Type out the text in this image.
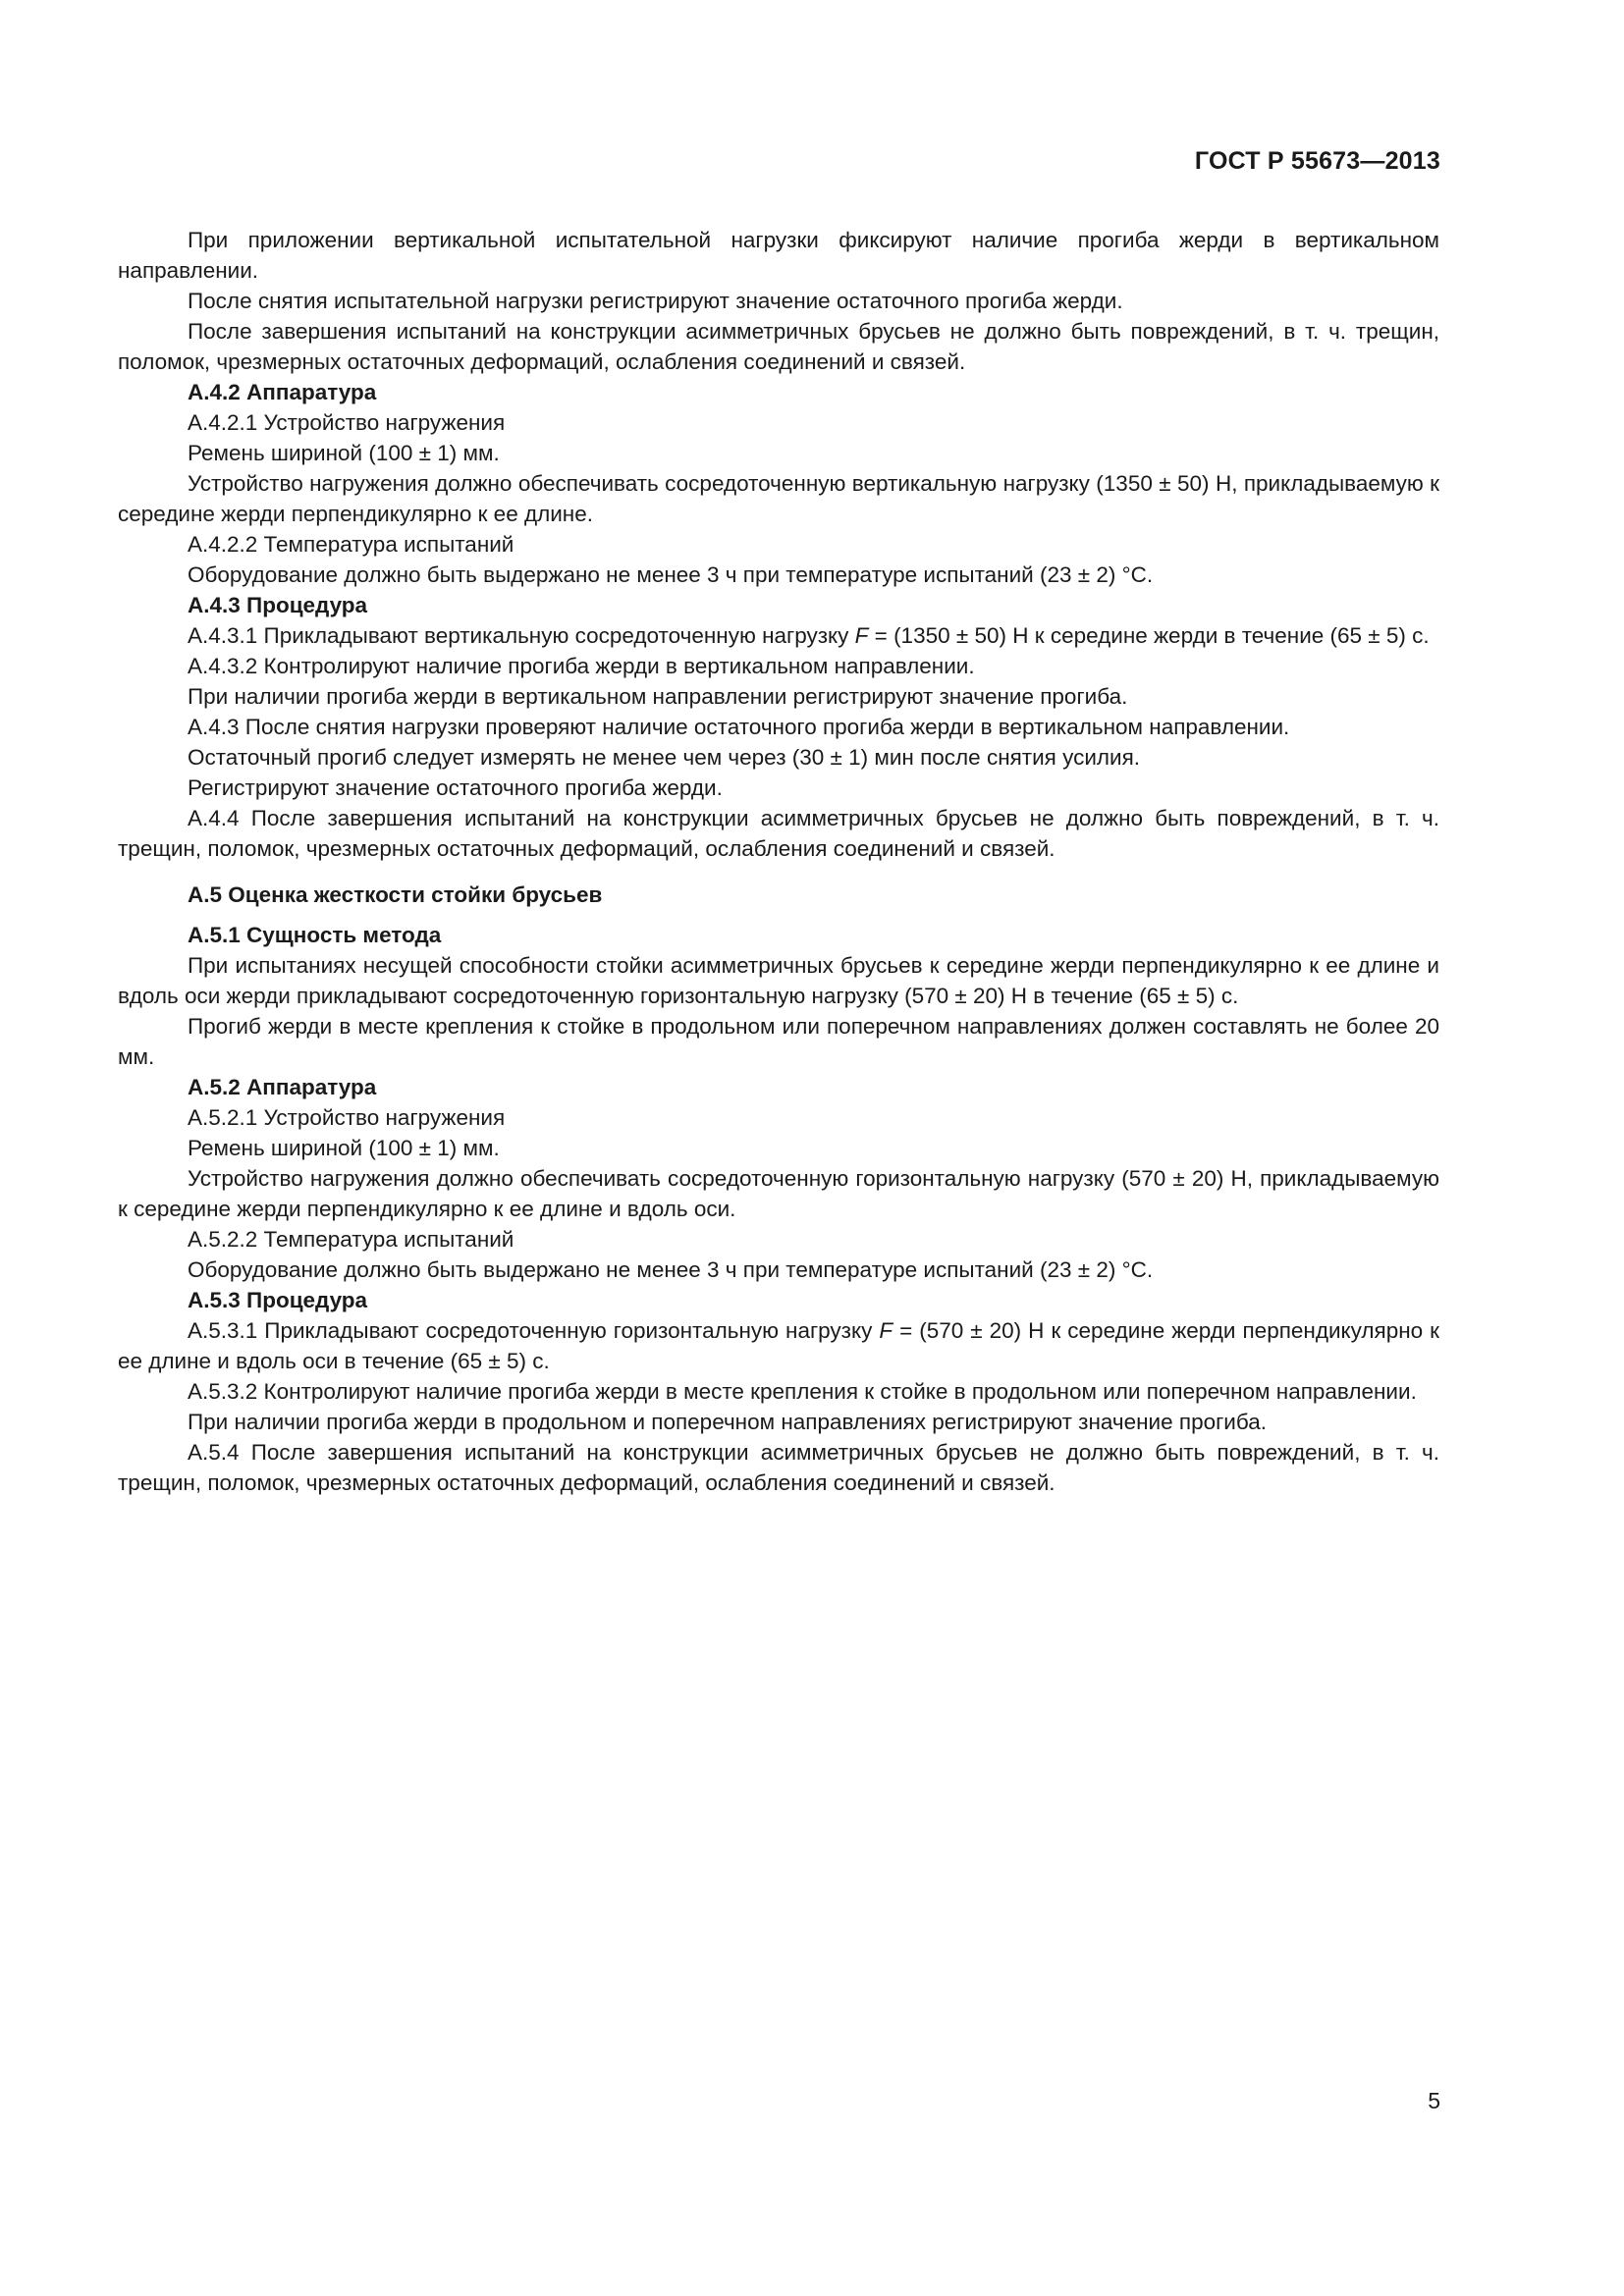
ГОСТ Р 55673—2013

При приложении вертикальной испытательной нагрузки фиксируют наличие прогиба жерди в вертикальном направлении.

После снятия испытательной нагрузки регистрируют значение остаточного прогиба жерди.

После завершения испытаний на конструкции асимметричных брусьев не должно быть повреждений, в т. ч. трещин, поломок, чрезмерных остаточных деформаций, ослабления соединений и связей.

А.4.2 Аппаратура

А.4.2.1 Устройство нагружения

Ремень шириной (100 ± 1) мм.

Устройство нагружения должно обеспечивать сосредоточенную вертикальную нагрузку (1350 ± 50) Н, прикладываемую к середине жерди перпендикулярно к ее длине.

А.4.2.2 Температура испытаний

Оборудование должно быть выдержано не менее 3 ч при температуре испытаний (23 ± 2) °С.

А.4.3 Процедура

А.4.3.1 Прикладывают вертикальную сосредоточенную нагрузку F = (1350 ± 50) Н к середине жерди в течение (65 ± 5) с.

А.4.3.2 Контролируют наличие прогиба жерди в вертикальном направлении.

При наличии прогиба жерди в вертикальном направлении регистрируют значение прогиба.

А.4.3 После снятия нагрузки проверяют наличие остаточного прогиба жерди в вертикальном направлении.

Остаточный прогиб следует измерять не менее чем через (30 ± 1) мин после снятия усилия.

Регистрируют значение остаточного прогиба жерди.

А.4.4 После завершения испытаний на конструкции асимметричных брусьев не должно быть повреждений, в т. ч. трещин, поломок, чрезмерных остаточных деформаций, ослабления соединений и связей.

А.5 Оценка жесткости стойки брусьев

А.5.1 Сущность метода

При испытаниях несущей способности стойки асимметричных брусьев к середине жерди перпендикулярно к ее длине и вдоль оси жерди прикладывают сосредоточенную горизонтальную нагрузку (570 ± 20) Н в течение (65 ± 5) с.

Прогиб жерди в месте крепления к стойке в продольном или поперечном направлениях должен составлять не более 20 мм.

А.5.2 Аппаратура

А.5.2.1 Устройство нагружения

Ремень шириной (100 ± 1) мм.

Устройство нагружения должно обеспечивать сосредоточенную горизонтальную нагрузку (570 ± 20) Н, прикладываемую к середине жерди перпендикулярно к ее длине и вдоль оси.

А.5.2.2 Температура испытаний

Оборудование должно быть выдержано не менее 3 ч при температуре испытаний (23 ± 2) °С.

А.5.3 Процедура

А.5.3.1 Прикладывают сосредоточенную горизонтальную нагрузку F = (570 ± 20) Н к середине жерди перпендикулярно к ее длине и вдоль оси в течение (65 ± 5) с.

А.5.3.2 Контролируют наличие прогиба жерди в месте крепления к стойке в продольном или поперечном направлении.

При наличии прогиба жерди в продольном и поперечном направлениях регистрируют значение прогиба.

А.5.4 После завершения испытаний на конструкции асимметричных брусьев не должно быть повреждений, в т. ч. трещин, поломок, чрезмерных остаточных деформаций, ослабления соединений и связей.

5
